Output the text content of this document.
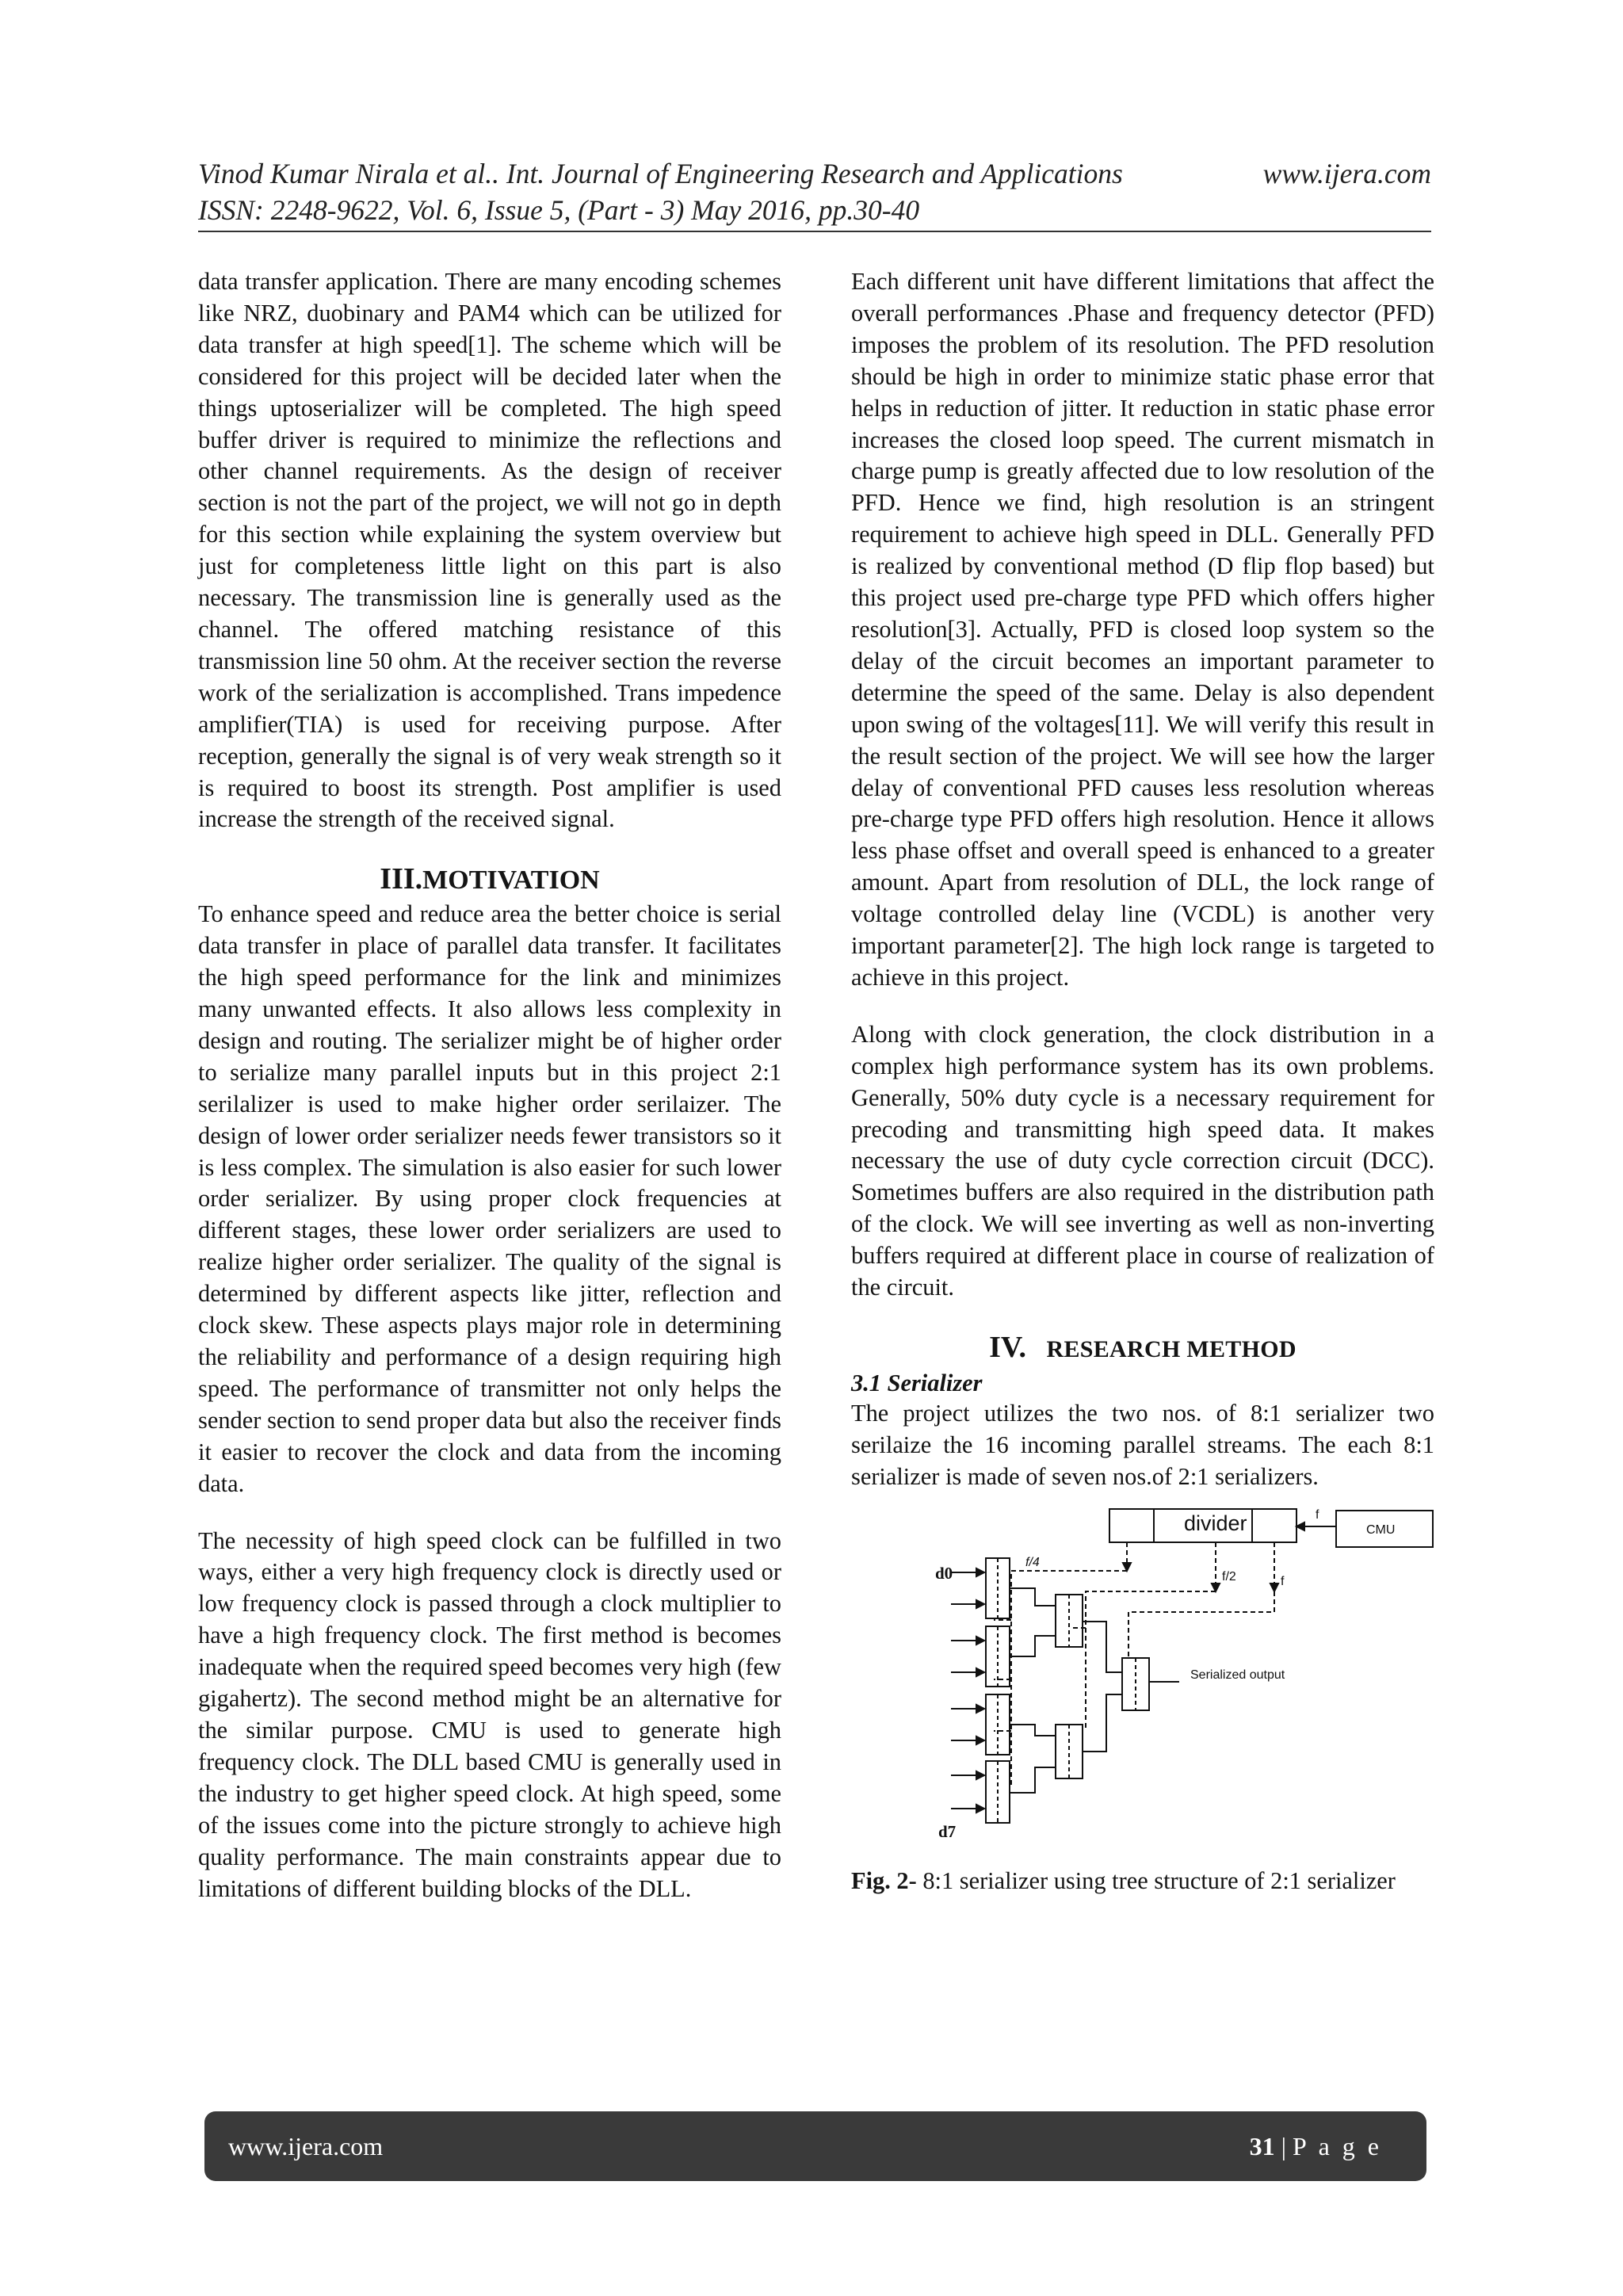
Vinod Kumar Nirala et al.. Int. Journal of Engineering Research and Applications	www.ijera.com
ISSN: 2248-9622, Vol. 6, Issue 5, (Part - 3) May 2016, pp.30-40

data transfer application. There are many encoding schemes like NRZ, duobinary and PAM4 which can be utilized for data transfer at high speed[1]. The scheme which will be considered for this project will be decided later when the things uptoserializer will be completed. The high speed buffer driver is required to minimize the reflections and other channel requirements. As the design of receiver section is not the part of the project, we will not go in depth for this section while explaining the system overview but just for completeness little light on this part is also necessary. The transmission line is generally used as the channel. The offered matching resistance of this transmission line 50 ohm. At the receiver section the reverse work of the serialization is accomplished. Trans impedence amplifier(TIA) is used for receiving purpose. After reception, generally the signal is of very weak strength so it is required to boost its strength. Post amplifier is used increase the strength of the received signal.

III.MOTIVATION

To enhance speed and reduce area the better choice is serial data transfer in place of parallel data transfer. It facilitates the high speed performance for the link and minimizes many unwanted effects. It also allows less complexity in design and routing. The serializer might be of higher order to serialize many parallel inputs but in this project 2:1 serilalizer is used to make higher order serilaizer. The design of lower order serializer needs fewer transistors so it is less complex. The simulation is also easier for such lower order serializer. By using proper clock frequencies at different stages, these lower order serializers are used to realize higher order serializer. The quality of the signal is determined by different aspects like jitter, reflection and clock skew. These aspects plays major role in determining the reliability and performance of a design requiring high speed. The performance of transmitter not only helps the sender section to send proper data but also the receiver finds it easier to recover the clock and data from the incoming data.

The necessity of high speed clock can be fulfilled in two ways, either a very high frequency clock is directly used or low frequency clock is passed through a clock multiplier to have a high frequency clock. The first method is becomes inadequate when the required speed becomes very high (few gigahertz). The second method might be an alternative for the similar purpose. CMU is used to generate high frequency clock. The DLL based CMU is generally used in the industry to get higher speed clock. At high speed, some of the issues come into the picture strongly to achieve high quality performance. The main constraints appear due to limitations of different building blocks of the DLL.

Each different unit have different limitations that affect the overall performances .Phase and frequency detector (PFD) imposes the problem of its resolution. The PFD resolution should be high in order to minimize static phase error that helps in reduction of jitter. It reduction in static phase error increases the closed loop speed. The current mismatch in charge pump is greatly affected due to low resolution of the PFD. Hence we find, high resolution is an stringent requirement to achieve high speed in DLL. Generally PFD is realized by conventional method (D flip flop based) but this project used pre-charge type PFD which offers higher resolution[3]. Actually, PFD is closed loop system so the delay of the circuit becomes an important parameter to determine the speed of the same. Delay is also dependent upon swing of the voltages[11]. We will verify this result in the result section of the project. We will see how the larger delay of conventional PFD causes less resolution whereas pre-charge type PFD offers high resolution. Hence it allows less phase offset and overall speed is enhanced to a greater amount. Apart from resolution of DLL, the lock range of voltage controlled delay line (VCDL) is another very important parameter[2]. The high lock range is targeted to achieve in this project.

Along with clock generation, the clock distribution in a complex high performance system has its own problems. Generally, 50% duty cycle is a necessary requirement for precoding and transmitting high speed data. It makes necessary the use of duty cycle correction circuit (DCC). Sometimes buffers are also required in the distribution path of the clock. We will see inverting as well as non-inverting buffers required at different place in course of realization of the circuit.

IV. RESEARCH METHOD

3.1 Serializer

The project utilizes the two nos. of 8:1 serializer two serilaize the 16 incoming parallel streams. The each 8:1 serializer is made of seven nos.of 2:1 serializers.

divider	CMU
f
f/4
f/2	f
d0
d7
Serialized output

Fig. 2- 8:1 serializer using tree structure of 2:1 serializer

www.ijera.com	31 | P a g e
